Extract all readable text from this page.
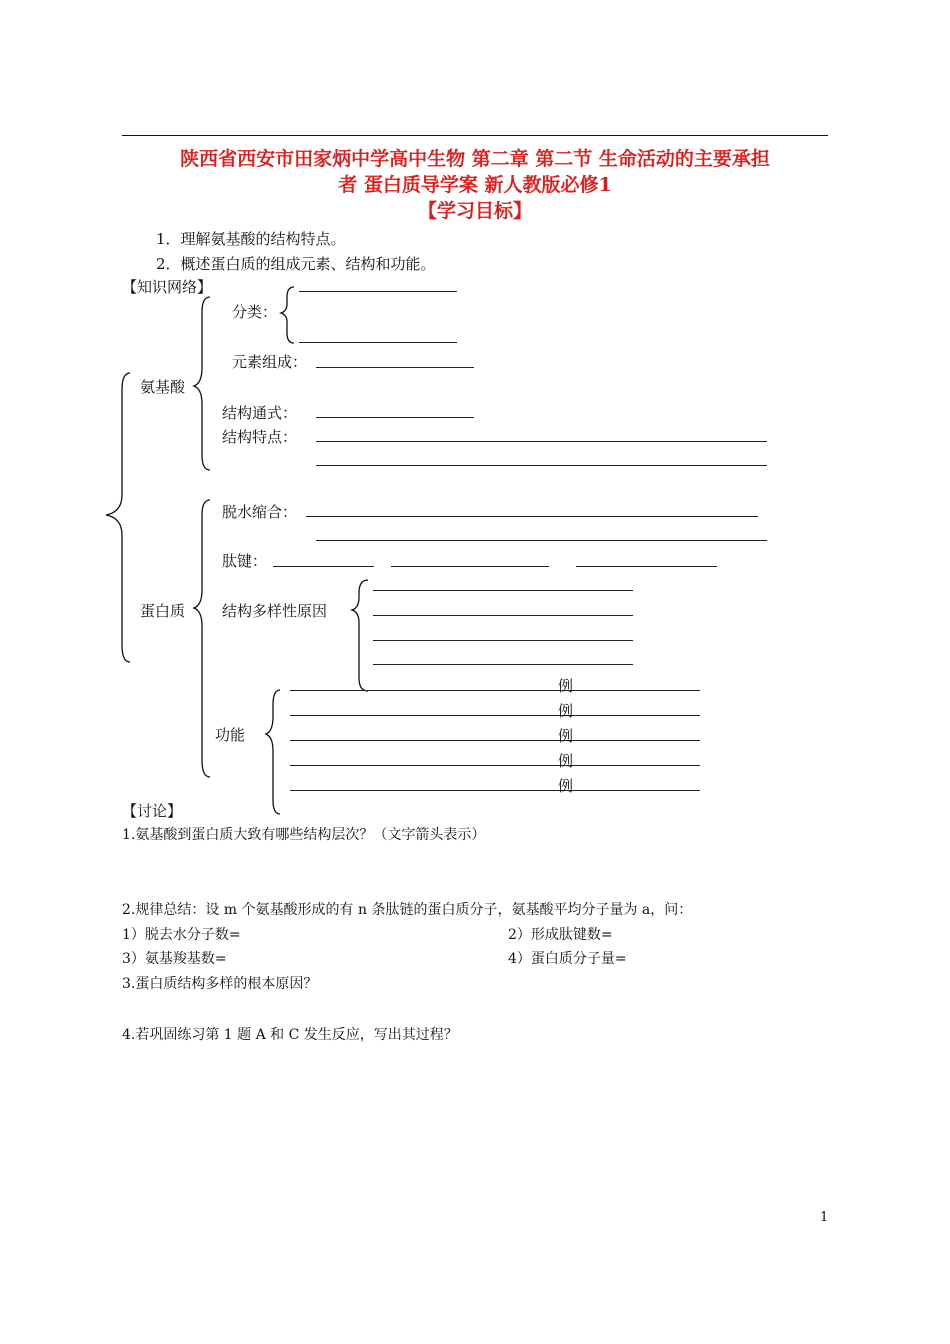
陕西省西安市田家炳中学高中生物 第二章 第二节 生命活动的主要承担
者 蛋白质导学案 新人教版必修1
【学习目标】
1．理解氨基酸的结构特点。
2．概述蛋白质的组成元素、结构和功能。
【知识网络】
氨基酸
分类：
元素组成：
结构通式：
结构特点：
蛋白质
脱水缩合：
肽键：
结构多样性原因
功能
例
例
例
例
例
【讨论】
1.氨基酸到蛋白质大致有哪些结构层次？（文字箭头表示）
2.规律总结：设 m 个氨基酸形成的有 n 条肽链的蛋白质分子，氨基酸平均分子量为 a，问：
1）脱去水分子数=	2）形成肽键数=
3）氨基羧基数=	4）蛋白质分子量=
3.蛋白质结构多样的根本原因？
4.若巩固练习第 1 题 A 和 C 发生反应，写出其过程？
1
